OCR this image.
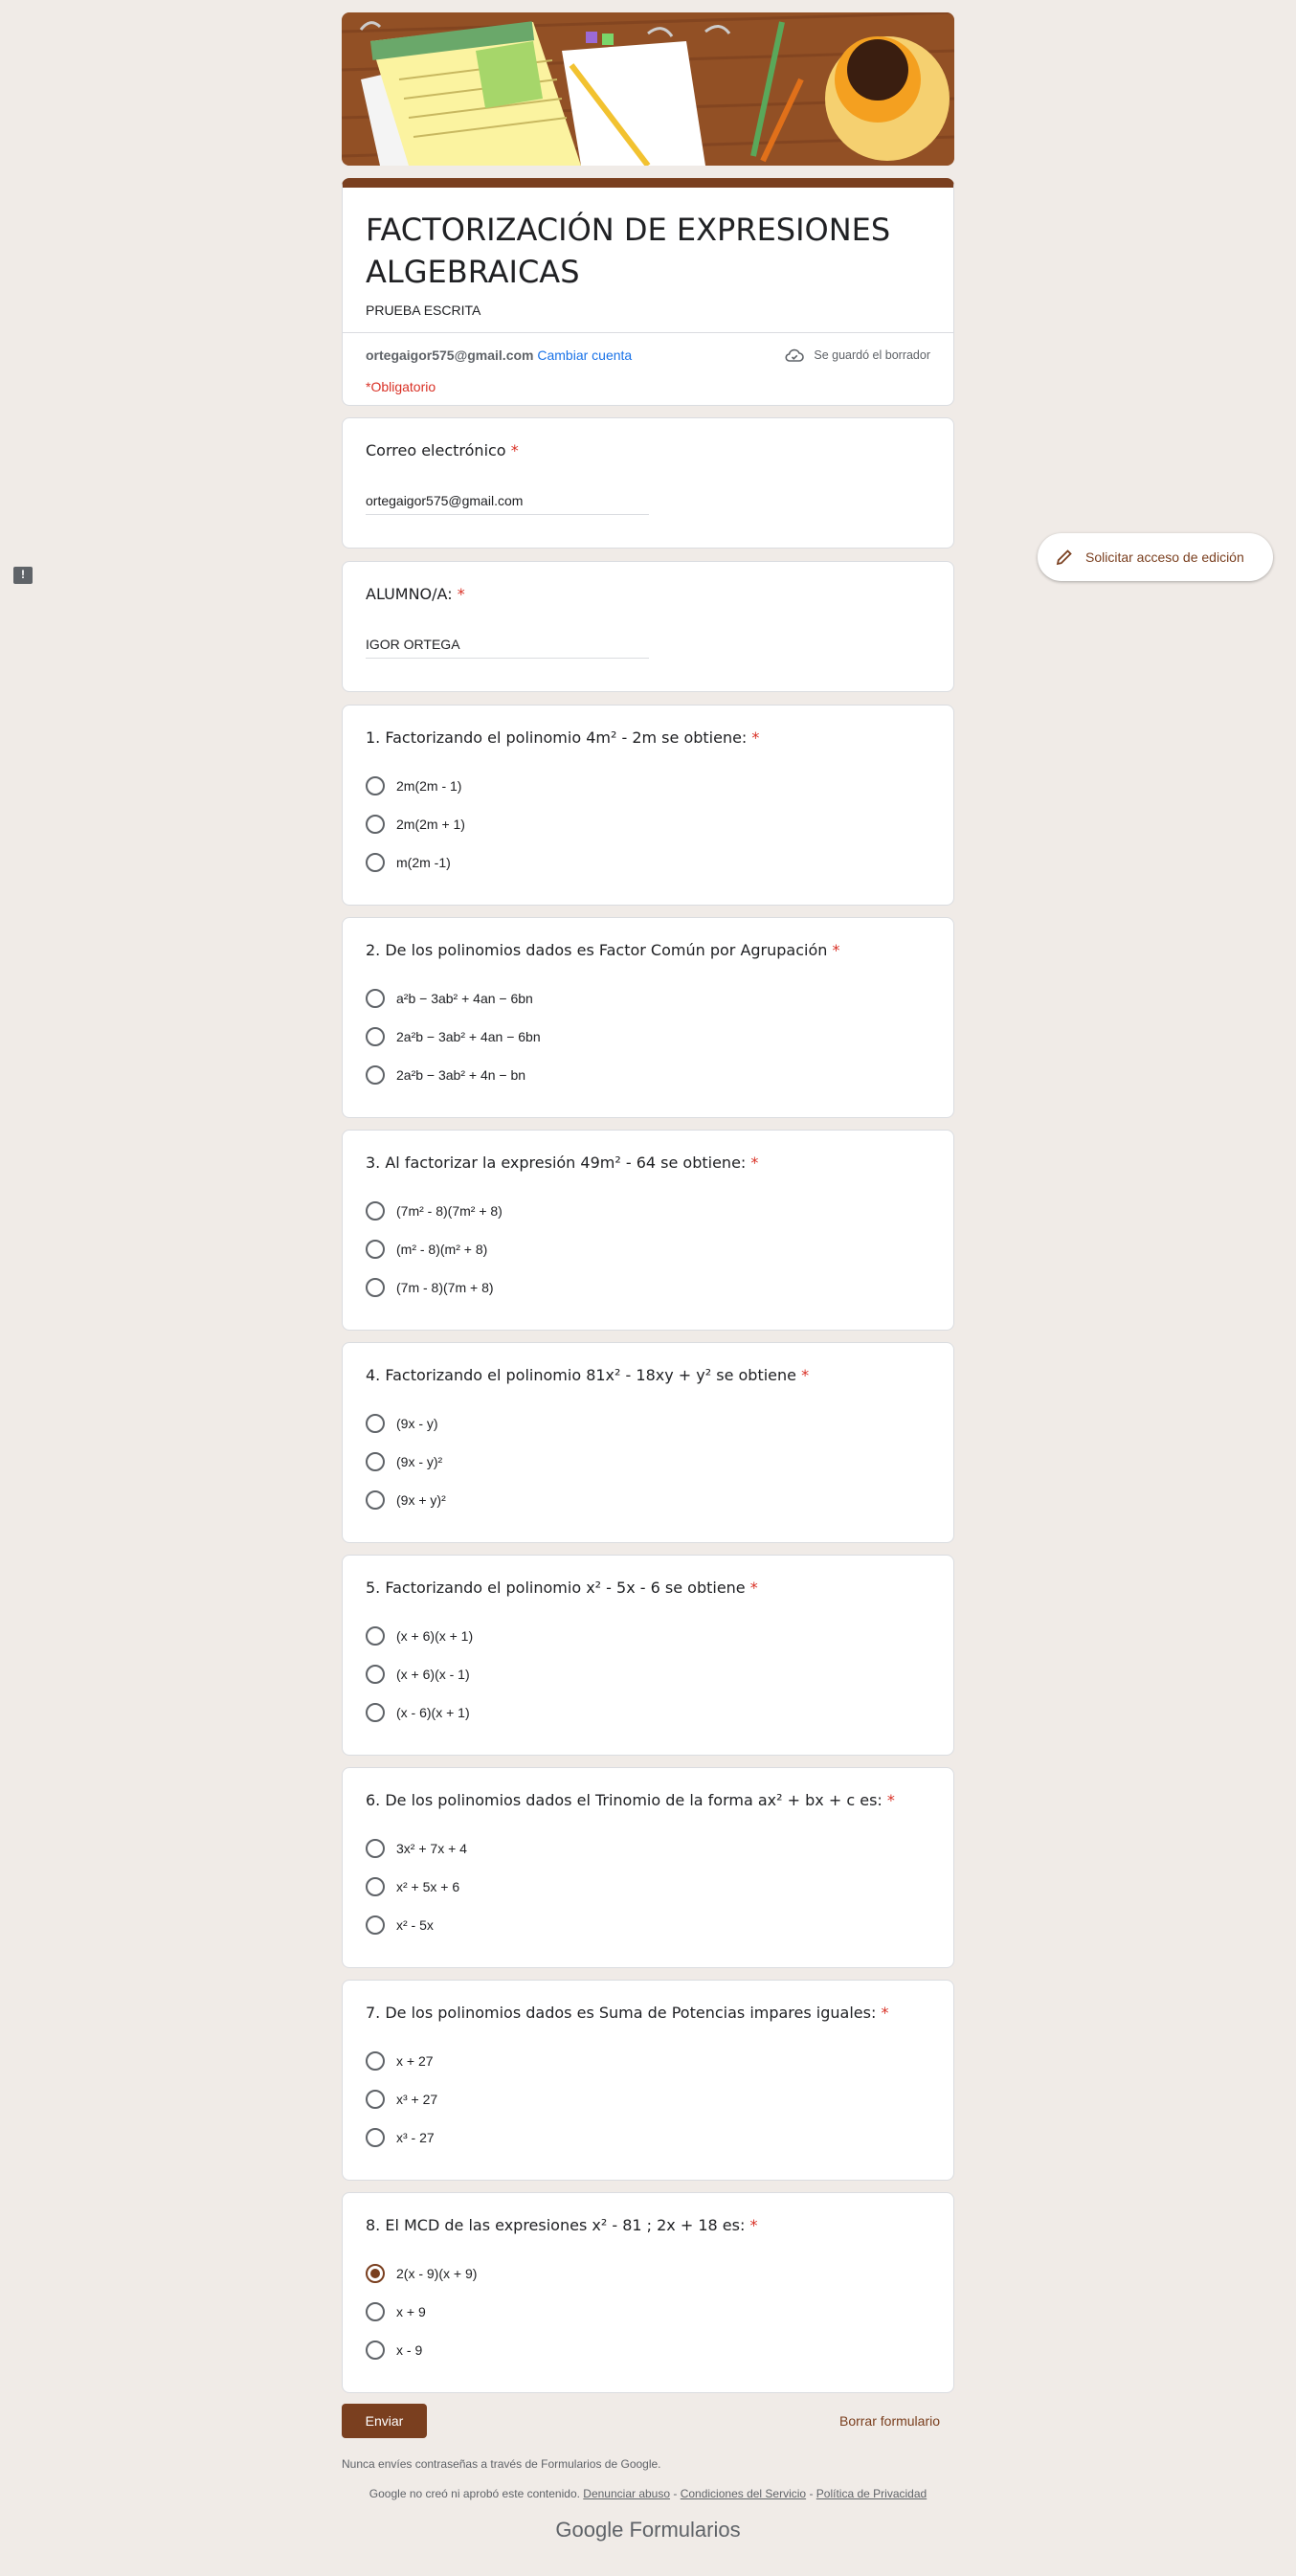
FACTORIZACIÓN DE EXPRESIONES ALGEBRAICAS
PRUEBA ESCRITA
ortegaigor575@gmail.com Cambiar cuenta	Se guardó el borrador
*Obligatorio
Correo electrónico *
ortegaigor575@gmail.com
ALUMNO/A: *
IGOR ORTEGA
1. Factorizando el polinomio 4m² - 2m se obtiene: *
2m(2m - 1)
2m(2m + 1)
m(2m -1)
2. De los polinomios dados es Factor Común por Agrupación *
a²b − 3ab² + 4an − 6bn
2a²b − 3ab² + 4an − 6bn
2a²b − 3ab² + 4n − bn
3. Al factorizar la expresión 49m² - 64 se obtiene: *
(7m² - 8)(7m² + 8)
(m² - 8)(m² + 8)
(7m - 8)(7m + 8)
4. Factorizando el polinomio 81x² - 18xy + y² se obtiene *
(9x - y)
(9x - y)²
(9x + y)²
5. Factorizando el polinomio x² - 5x - 6 se obtiene *
(x + 6)(x + 1)
(x + 6)(x - 1)
(x - 6)(x + 1)
6. De los polinomios dados el Trinomio de la forma ax² + bx + c es: *
3x² + 7x + 4
x² + 5x + 6
x² - 5x
7. De los polinomios dados es Suma de Potencias impares iguales: *
x + 27
x³ + 27
x³ - 27
8. El MCD de las expresiones x² - 81 ; 2x + 18 es: *
2(x - 9)(x + 9)
x + 9
x - 9
Solicitar acceso de edición
!
Enviar	Borrar formulario
Nunca envíes contraseñas a través de Formularios de Google.
Google no creó ni aprobó este contenido. Denunciar abuso - Condiciones del Servicio - Política de Privacidad
Google Formularios
